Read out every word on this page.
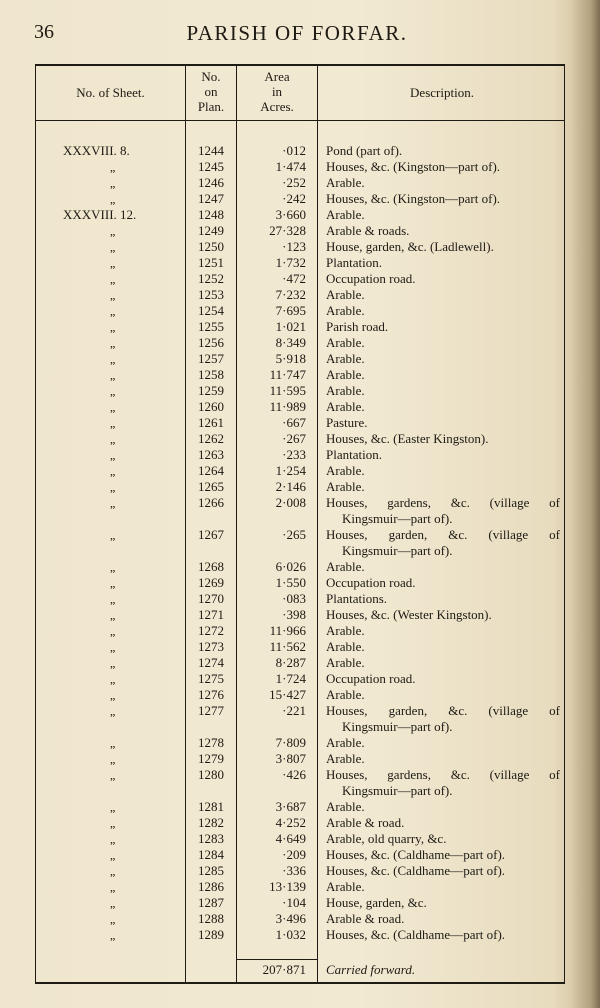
36	PARISH OF FORFAR.
No. of Sheet.
No.
on
Plan.
Area
in
Acres.
Description.
XXXVIII. 8.	1244	·012 Pond (part of).
„	1245	1·474 Houses, &c. (Kingston—part of).
„	1246	·252 Arable.
„	1247	·242 Houses, &c. (Kingston—part of).
XXXVIII. 12.	1248	3·660 Arable.
„	1249	27·328 Arable & roads.
„	1250	·123 House, garden, &c. (Ladlewell).
„	1251	1·732 Plantation.
„	1252	·472 Occupation road.
„	1253	7·232 Arable.
„	1254	7·695 Arable.
„	1255	1·021 Parish road.
„	1256	8·349 Arable.
„	1257	5·918 Arable.
„	1258	11·747 Arable.
„	1259	11·595 Arable.
„	1260	11·989 Arable.
„	1261	·667 Pasture.
„	1262	·267 Houses, &c. (Easter Kingston).
„	1263	·233 Plantation.
„	1264	1·254 Arable.
„	1265	2·146 Arable.
„	1266	2·008 Houses, gardens, &c. (village of
Kingsmuir—part of).
„	1267	·265 Houses, garden, &c. (village of
Kingsmuir—part of).
„	1268	6·026 Arable.
„	1269	1·550 Occupation road.
„	1270	·083 Plantations.
„	1271	·398 Houses, &c. (Wester Kingston).
„	1272	11·966 Arable.
„	1273	11·562 Arable.
„	1274	8·287 Arable.
„	1275	1·724 Occupation road.
„	1276	15·427 Arable.
„	1277	·221 Houses, garden, &c. (village of
Kingsmuir—part of).
„	1278	7·809 Arable.
„	1279	3·807 Arable.
„	1280	·426 Houses, gardens, &c. (village of
Kingsmuir—part of).
„	1281	3·687 Arable.
„	1282	4·252 Arable & road.
„	1283	4·649 Arable, old quarry, &c.
„	1284	·209 Houses, &c. (Caldhame—part of).
„	1285	·336 Houses, &c. (Caldhame—part of).
„	1286	13·139 Arable.
„	1287	·104 House, garden, &c.
„	1288	3·496 Arable & road.
„	1289	1·032 Houses, &c. (Caldhame—part of).
207·871 Carried forward.
